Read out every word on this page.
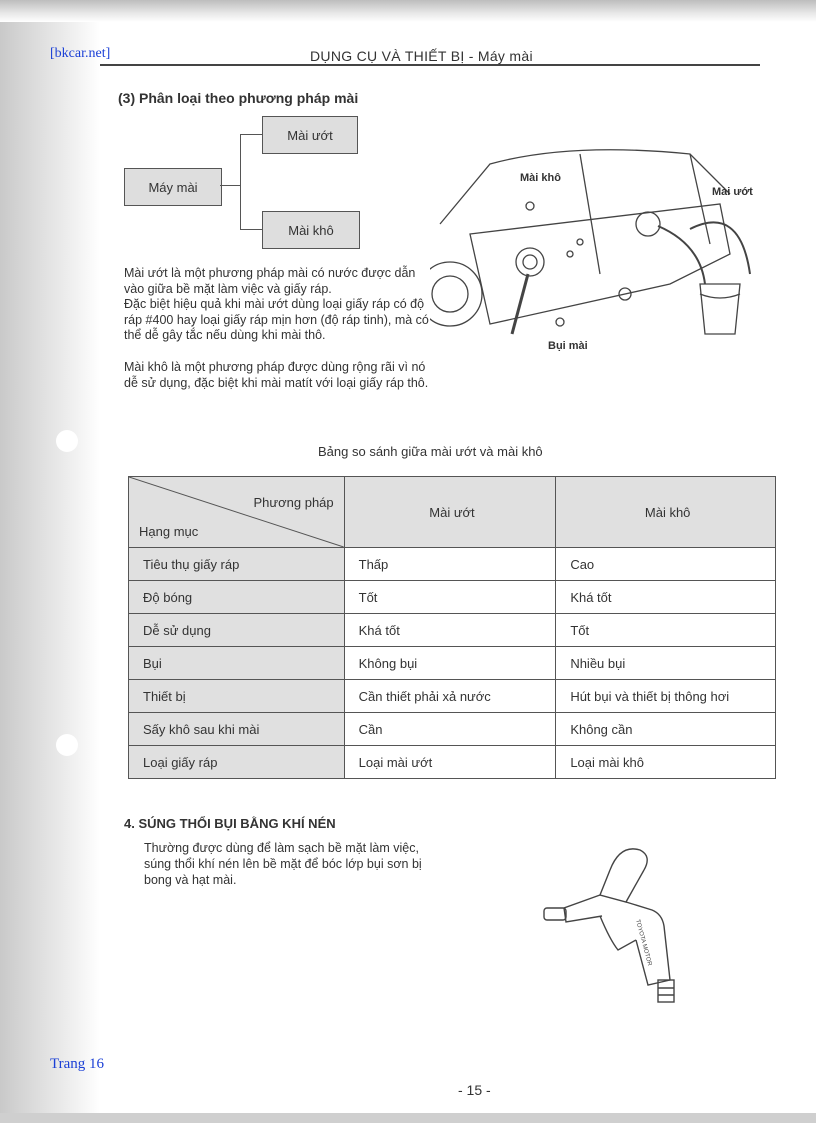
[bkcar.net]	DỤNG CỤ VÀ THIẾT BỊ - Máy mài
(3) Phân loại theo phương pháp mài
Máy mài
Mài ướt
Mài khô

Mài ướt là một phương pháp mài có nước được dẫn vào giữa bề mặt làm việc và giấy ráp.

Đặc biệt hiệu quả khi mài ướt dùng loại giấy ráp có độ ráp #400 hay loại giấy ráp mịn hơn (độ ráp tinh), mà có thể dễ gây tắc nếu dùng khi mài thô.

Mài khô là một phương pháp được dùng rộng rãi vì nó dễ sử dụng, đặc biệt khi mài matít với loại giấy ráp thô.

Mài khô
Mài ướt
Bụi mài
Bảng so sánh giữa mài ướt và mài khô
Phương pháp
Hạng mục	Mài ướt	Mài khô
Tiêu thụ giấy ráp	Thấp	Cao
Độ bóng	Tốt	Khá tốt
Dễ sử dụng	Khá tốt	Tốt
Bụi	Không bụi	Nhiều bụi
Thiết bị	Cần thiết phải xả nước	Hút bụi và thiết bị thông hơi
Sấy khô sau khi mài	Cần	Không cần
Loại giấy ráp	Loại mài ướt	Loại mài khô
4. SÚNG THỔI BỤI BẰNG KHÍ NÉN

Thường được dùng để làm sạch bề mặt làm việc, súng thổi khí nén lên bề mặt để bóc lớp bụi sơn bị bong và hạt mài.

TOYOTA MOTOR
Trang 16
- 15 -
